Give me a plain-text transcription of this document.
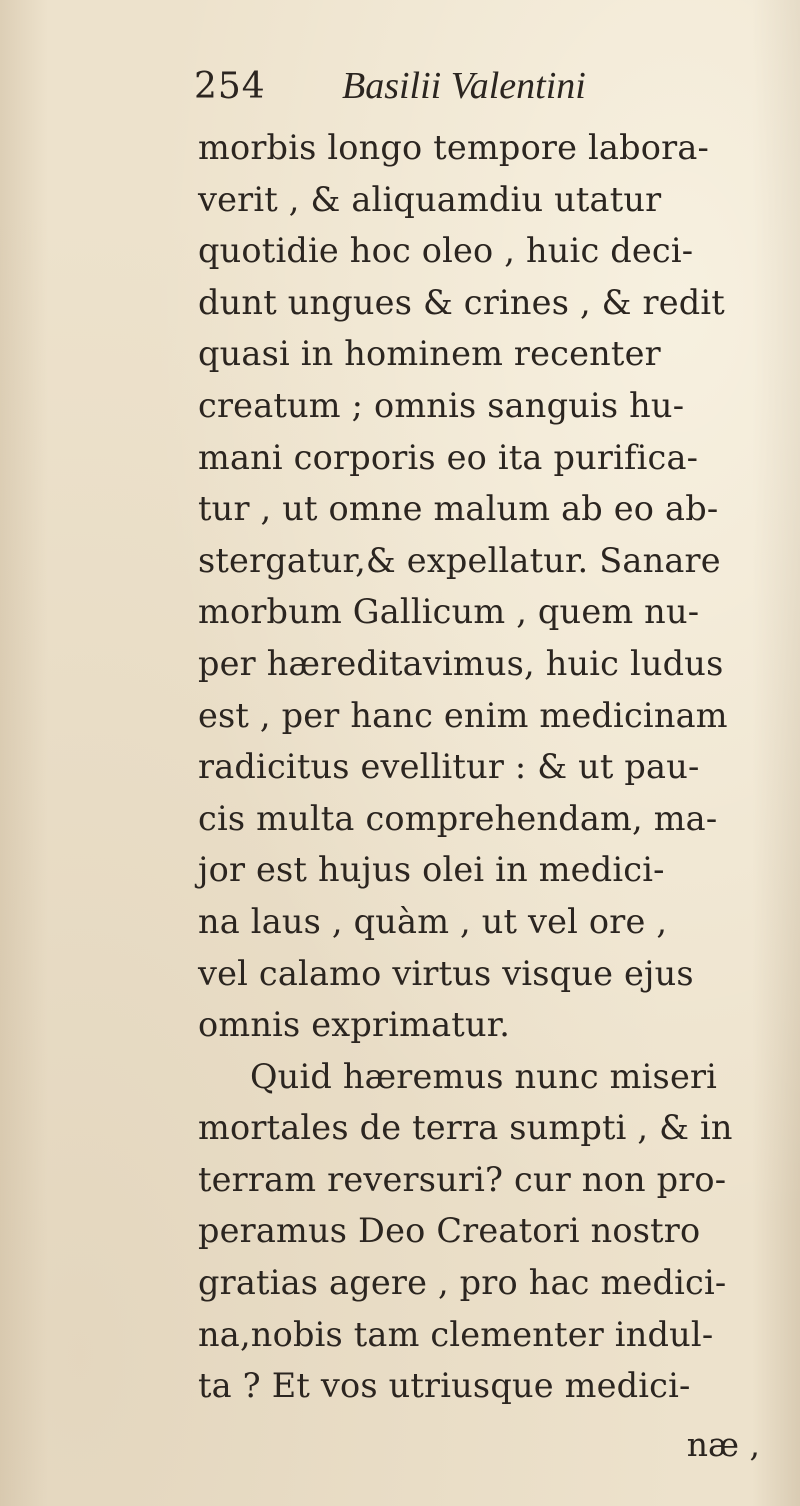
254 Basilii Valentini
morbis longo tempore labora-
verit , & aliquamdiu utatur
quotidie hoc oleo , huic deci-
dunt ungues & crines , & redit
quasi in hominem recenter
creatum ; omnis sanguis hu-
mani corporis eo ita purifica-
tur , ut omne malum ab eo ab-
stergatur,& expellatur. Sanare
morbum Gallicum , quem nu-
per hæreditavimus, huic ludus
est , per hanc enim medicinam
radicitus evellitur : & ut pau-
cis multa comprehendam, ma-
jor est hujus olei in medici-
na laus , quàm , ut vel ore ,
vel calamo virtus visque ejus
omnis exprimatur.
Quid hæremus nunc miseri
mortales de terra sumpti , & in
terram reversuri? cur non pro-
peramus Deo Creatori nostro
gratias agere , pro hac medici-
na,nobis tam clementer indul-
ta ? Et vos utriusque medici-
næ ,
